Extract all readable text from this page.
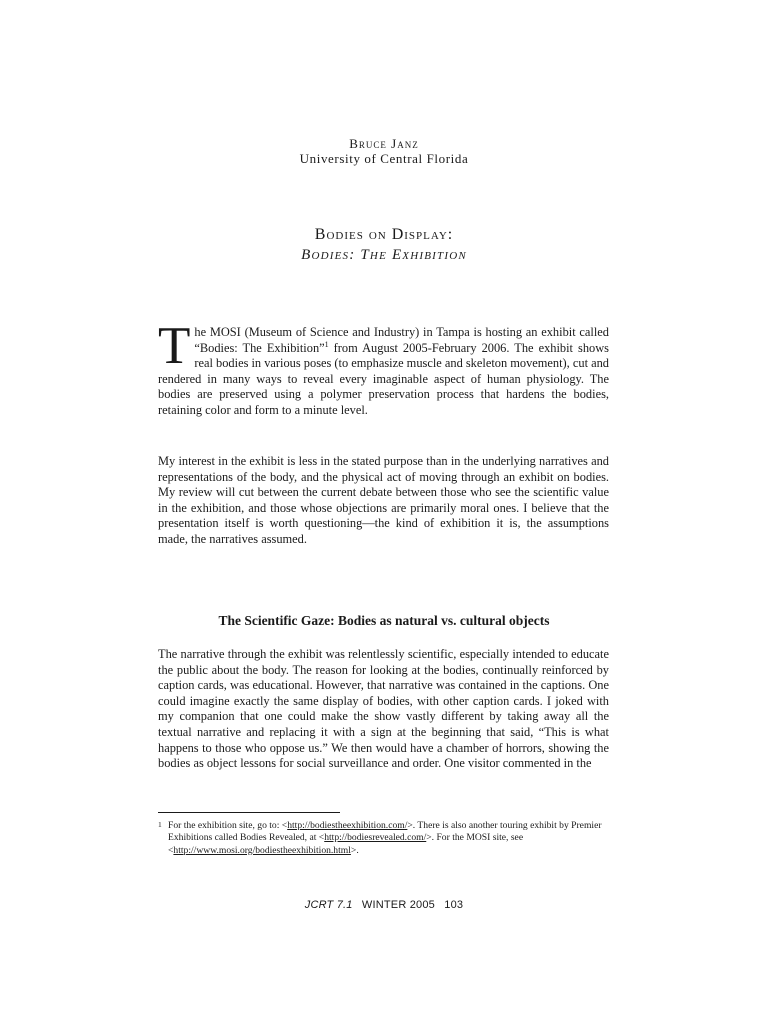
Bruce Janz
University of Central Florida
Bodies on Display:
Bodies: The Exhibition
The MOSI (Museum of Science and Industry) in Tampa is hosting an exhibit called “Bodies: The Exhibition”$^1$ from August 2005-February 2006. The exhibit shows real bodies in various poses (to emphasize muscle and skeleton movement), cut and rendered in many ways to reveal every imaginable aspect of human physiology. The bodies are preserved using a polymer preservation process that hardens the bodies, retaining color and form to a minute level.
My interest in the exhibit is less in the stated purpose than in the underlying narratives and representations of the body, and the physical act of moving through an exhibit on bodies. My review will cut between the current debate between those who see the scientific value in the exhibition, and those whose objections are primarily moral ones. I believe that the presentation itself is worth questioning—the kind of exhibition it is, the assumptions made, the narratives assumed.
The Scientific Gaze: Bodies as natural vs. cultural objects
The narrative through the exhibit was relentlessly scientific, especially intended to educate the public about the body. The reason for looking at the bodies, continually reinforced by caption cards, was educational. However, that narrative was contained in the captions. One could imagine exactly the same display of bodies, with other caption cards. I joked with my companion that one could make the show vastly different by taking away all the textual narrative and replacing it with a sign at the beginning that said, “This is what happens to those who oppose us.” We then would have a chamber of horrors, showing the bodies as object lessons for social surveillance and order. One visitor commented in the
1 For the exhibition site, go to: <http://bodiestheexhibition.com/>. There is also another touring exhibit by Premier Exhibitions called Bodies Revealed, at <http://bodiesrevealed.com/>. For the MOSI site, see <http://www.mosi.org/bodiestheexhibition.html>.
JCRT 7.1 WINTER 2005 103
